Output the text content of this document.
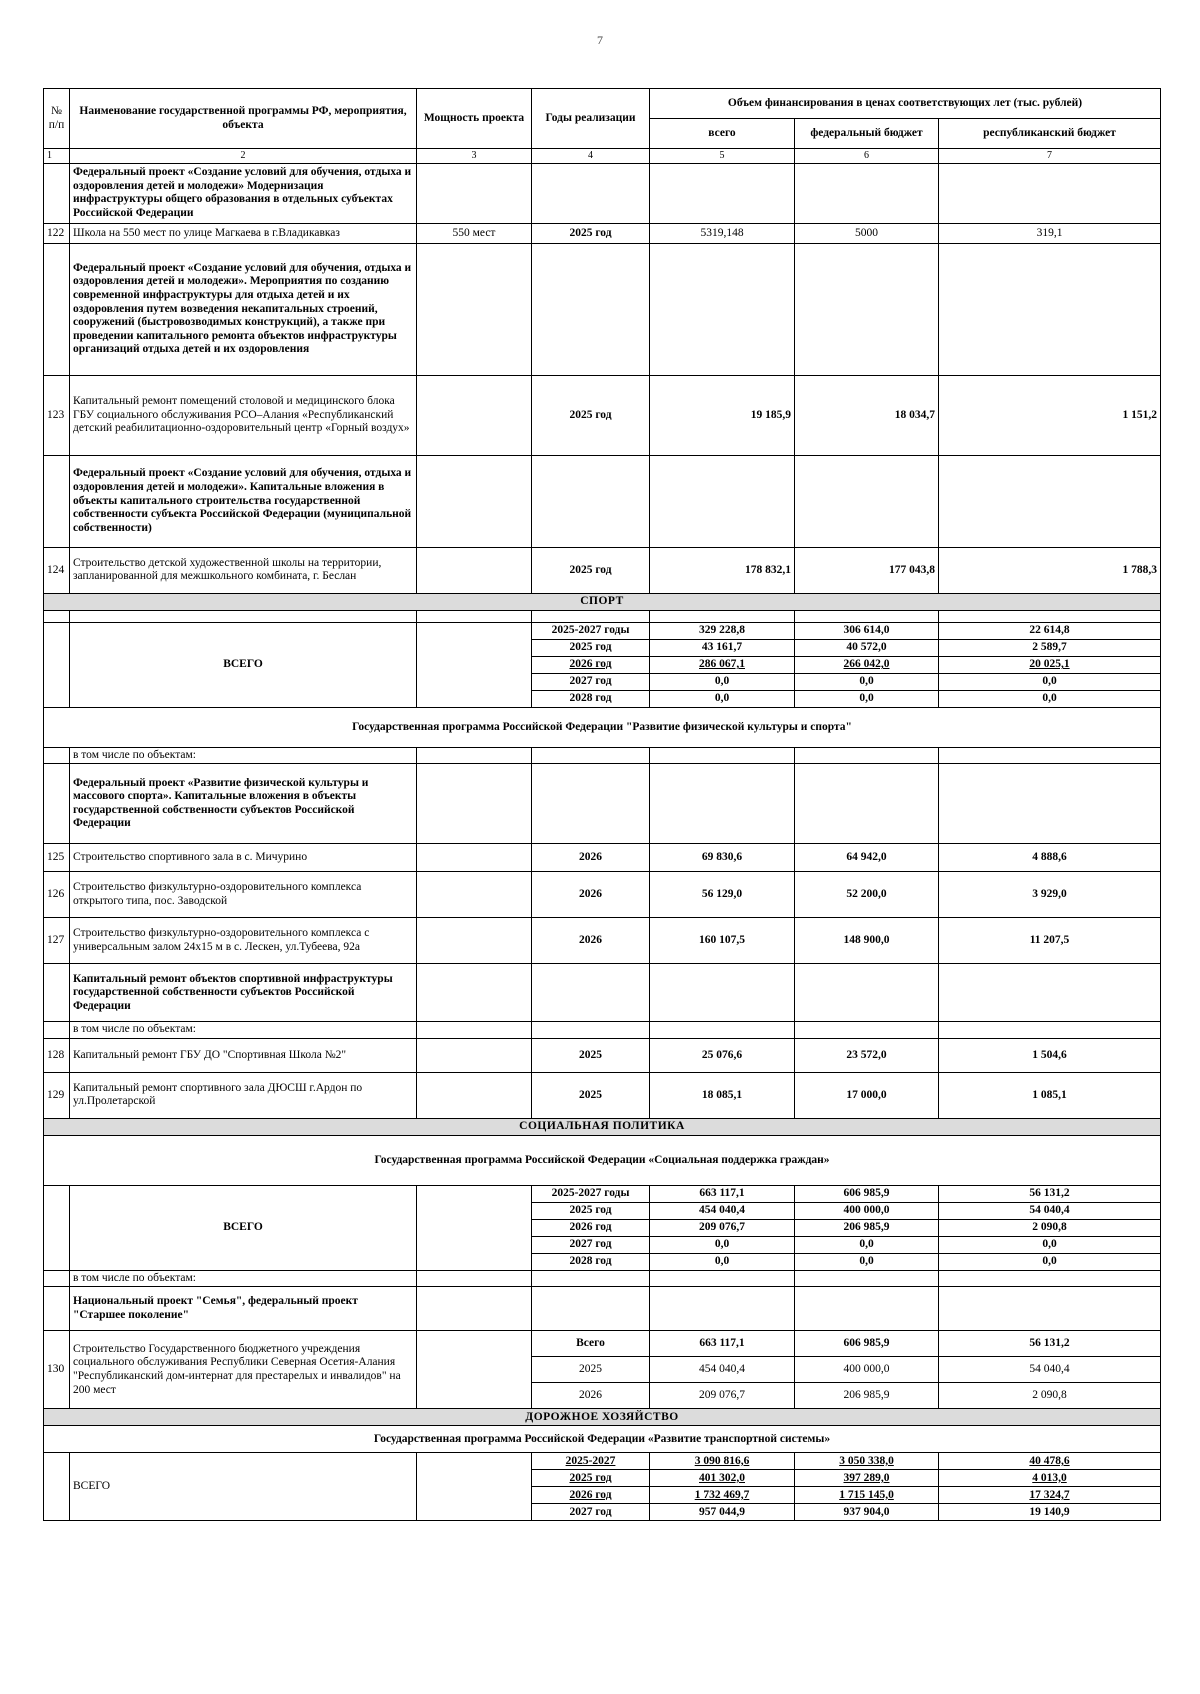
7
№ п/п	Наименование государственной программы РФ, мероприятия, объекта	Мощность проекта	Годы реализации	Объем финансирования в ценах соответствующих лет (тыс. рублей)		
				всего	федеральный бюджет	республиканский бюджет
1	2	3	4	5	6	7
	Федеральный проект «Создание условий для обучения, отдыха и оздоровления детей и молодежи» Модернизация инфраструктуры общего образования в отдельных субъектах Российской Федерации					
122	Школа на 550 мест по улице Магкаева в г.Владикавказ	550 мест	2025 год	5319,148	5000	319,1
	Федеральный проект «Создание условий для обучения, отдыха и оздоровления детей и молодежи». Мероприятия по созданию современной инфраструктуры для отдыха детей и их оздоровления путем возведения некапитальных строений, сооружений (быстровозводимых конструкций), а также при проведении капитального ремонта объектов инфраструктуры организаций отдыха детей и их оздоровления					
123	Капитальный ремонт помещений столовой и медицинского блока ГБУ социального обслуживания РСО–Алания «Республиканский детский реабилитационно-оздоровительный центр «Горный воздух»		2025 год	19 185,9	18 034,7	1 151,2
	Федеральный проект «Создание условий для обучения, отдыха и оздоровления детей и молодежи». Капитальные вложения в объекты капитального строительства государственной собственности субъекта Российской Федерации (муниципальной собственности)					
124	Строительство детской художественной школы на территории, запланированной для межшкольного комбината, г. Беслан		2025 год	178 832,1	177 043,8	1 788,3
СПОРТ						

	ВСЕГО		2025-2027 годы	329 228,8	306 614,0	22 614,8
			2025 год	43 161,7	40 572,0	2 589,7
			2026 год	286 067,1	266 042,0	20 025,1
			2027 год	0,0	0,0	0,0
			2028 год	0,0	0,0	0,0
Государственная программа Российской Федерации "Развитие физической культуры и спорта"						
	в том числе по объектам:					
	Федеральный проект «Развитие физической культуры и массового спорта». Капитальные вложения в объекты государственной собственности субъектов Российской Федерации					
125	Строительство спортивного зала в с. Мичурино		2026	69 830,6	64 942,0	4 888,6
126	Строительство физкультурно-оздоровительного комплекса открытого типа, пос. Заводской		2026	56 129,0	52 200,0	3 929,0
127	Строительство физкультурно-оздоровительного комплекса с универсальным залом 24х15 м в с. Лескен, ул.Тубеева, 92а		2026	160 107,5	148 900,0	11 207,5
	Капитальный ремонт объектов спортивной инфраструктуры государственной собственности субъектов Российской Федерации					
	в том числе по объектам:					
128	Капитальный ремонт ГБУ ДО "Спортивная Школа №2"		2025	25 076,6	23 572,0	1 504,6
129	Капитальный ремонт спортивного зала ДЮСШ г.Ардон по ул.Пролетарской		2025	18 085,1	17 000,0	1 085,1
СОЦИАЛЬНАЯ ПОЛИТИКА						
Государственная программа Российской Федерации «Социальная поддержка граждан»						
	ВСЕГО		2025-2027 годы	663 117,1	606 985,9	56 131,2
			2025 год	454 040,4	400 000,0	54 040,4
			2026 год	209 076,7	206 985,9	2 090,8
			2027 год	0,0	0,0	0,0
			2028 год	0,0	0,0	0,0
	в том числе по объектам:					
	Национальный проект "Семья", федеральный проект "Старшее поколение"					
130	Строительство Государственного бюджетного учреждения социального обслуживания Республики Северная Осетия-Алания "Республиканский дом-интернат для престарелых и инвалидов" на 200 мест		Всего	663 117,1	606 985,9	56 131,2
			2025	454 040,4	400 000,0	54 040,4
			2026	209 076,7	206 985,9	2 090,8
ДОРОЖНОЕ ХОЗЯЙСТВО						
Государственная программа Российской Федерации «Развитие транспортной системы»						
	ВСЕГО		2025-2027	3 090 816,6	3 050 338,0	40 478,6
			2025 год	401 302,0	397 289,0	4 013,0
			2026 год	1 732 469,7	1 715 145,0	17 324,7
			2027 год	957 044,9	937 904,0	19 140,9
